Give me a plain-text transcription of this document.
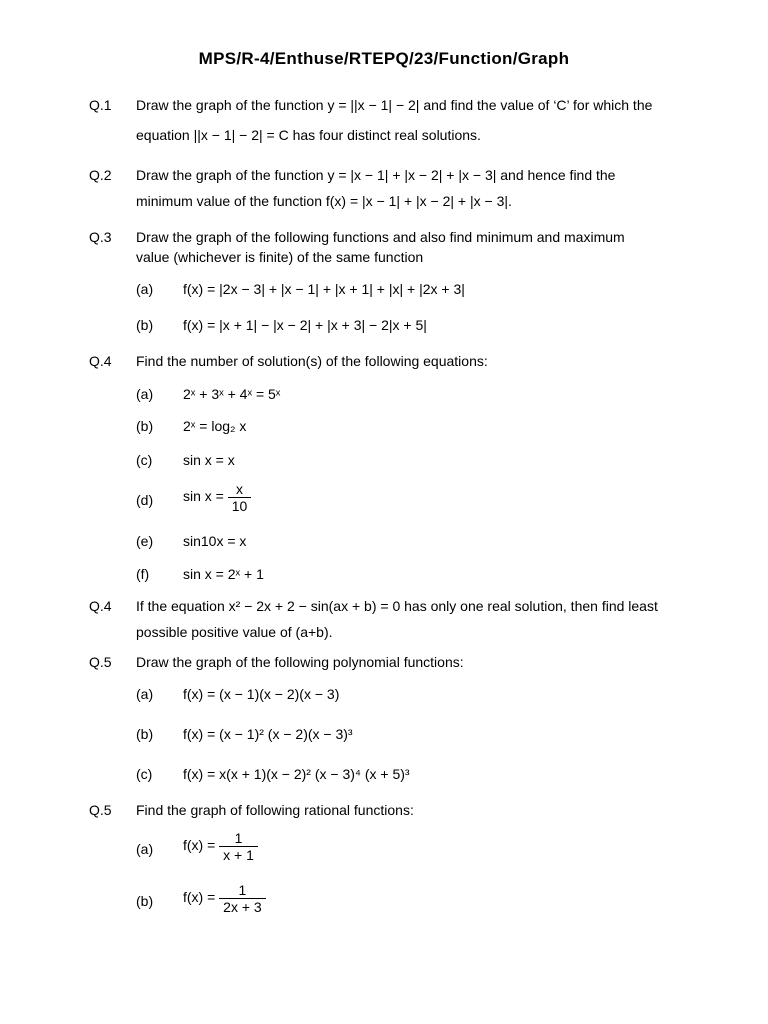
MPS/R-4/Enthuse/RTEPQ/23/Function/Graph
Q.1 Draw the graph of the function y = ||x − 1| − 2| and find the value of ‘C’ for which the
equation ||x − 1| − 2| = C has four distinct real solutions.
Q.2 Draw the graph of the function y = |x − 1| + |x − 2| + |x − 3| and hence find the
minimum value of the function f(x) = |x − 1| + |x − 2| + |x − 3|.
Q.3 Draw the graph of the following functions and also find minimum and maximum
value (whichever is finite) of the same function
(a) f(x) = |2x − 3| + |x − 1| + |x + 1| + |x| + |2x + 3|
(b) f(x) = |x + 1| − |x − 2| + |x + 3| − 2|x + 5|
Q.4 Find the number of solution(s) of the following equations:
(a) 2ˣ + 3ˣ + 4ˣ = 5ˣ
(b) 2ˣ = log₂ x
(c) sin x = x
(d) $\sin x = \frac{x}{10}$
(e) sin10x = x
(f) sin x = 2ˣ + 1
Q.4 If the equation x² − 2x + 2 − sin(ax + b) = 0 has only one real solution, then find least
possible positive value of (a+b).
Q.5 Draw the graph of the following polynomial functions:
(a) f(x) = (x − 1)(x − 2)(x − 3)
(b) f(x) = (x − 1)² (x − 2)(x − 3)³
(c) f(x) = x(x + 1)(x − 2)² (x − 3)⁴ (x + 5)³
Q.5 Find the graph of following rational functions:
(a) $f(x) = \frac{1}{x + 1}$
(b) $f(x) = \frac{1}{2x + 3}$
